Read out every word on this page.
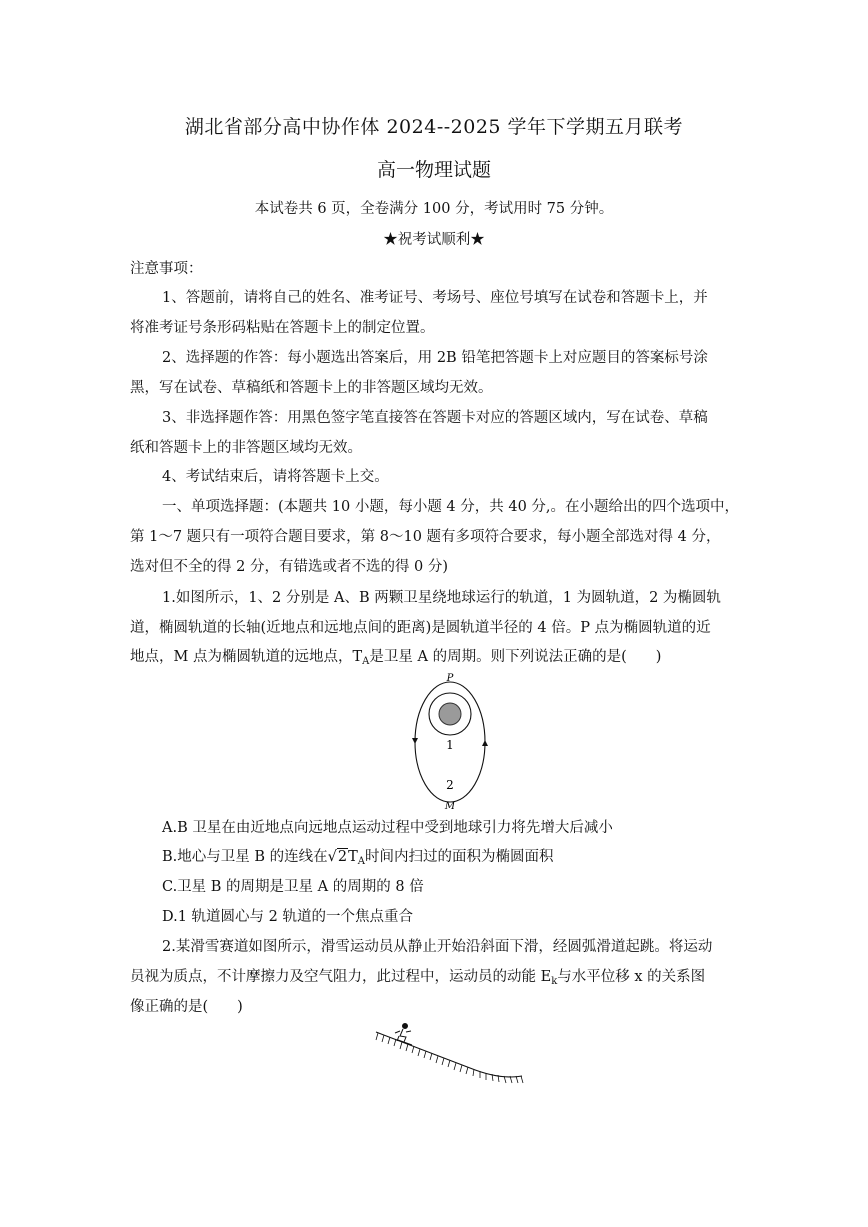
湖北省部分高中协作体 2024--2025 学年下学期五月联考
高一物理试题
本试卷共 6 页，全卷满分 100 分，考试用时 75 分钟。
★祝考试顺利★
注意事项：
1、答题前，请将自己的姓名、准考证号、考场号、座位号填写在试卷和答题卡上，并
将准考证号条形码粘贴在答题卡上的制定位置。
2、选择题的作答：每小题选出答案后，用 2B 铅笔把答题卡上对应题目的答案标号涂
黑，写在试卷、草稿纸和答题卡上的非答题区域均无效。
3、非选择题作答：用黑色签字笔直接答在答题卡对应的答题区域内，写在试卷、草稿
纸和答题卡上的非答题区域均无效。
4、考试结束后，请将答题卡上交。
一、单项选择题：(本题共 10 小题，每小题 4 分，共 40 分,。在小题给出的四个选项中，
第 1～7 题只有一项符合题目要求，第 8～10 题有多项符合要求，每小题全部选对得 4 分，
选对但不全的得 2 分，有错选或者不选的得 0 分)
1.如图所示，1、2 分别是 A、B 两颗卫星绕地球运行的轨道，1 为圆轨道，2 为椭圆轨
道，椭圆轨道的长轴(近地点和远地点间的距离)是圆轨道半径的 4 倍。P 点为椭圆轨道的近
地点，M 点为椭圆轨道的远地点，$T_A$是卫星 A 的周期。则下列说法正确的是(　　)
P
1
2
M
A.B 卫星在由近地点向远地点运动过程中受到地球引力将先增大后减小
B.地心与卫星 B 的连线在$√2T_A$时间内扫过的面积为椭圆面积
C.卫星 B 的周期是卫星 A 的周期的 8 倍
D.1 轨道圆心与 2 轨道的一个焦点重合
2.某滑雪赛道如图所示，滑雪运动员从静止开始沿斜面下滑，经圆弧滑道起跳。将运动
员视为质点，不计摩擦力及空气阻力，此过程中，运动员的动能 $E_k$与水平位移 x 的关系图
像正确的是(　　)
